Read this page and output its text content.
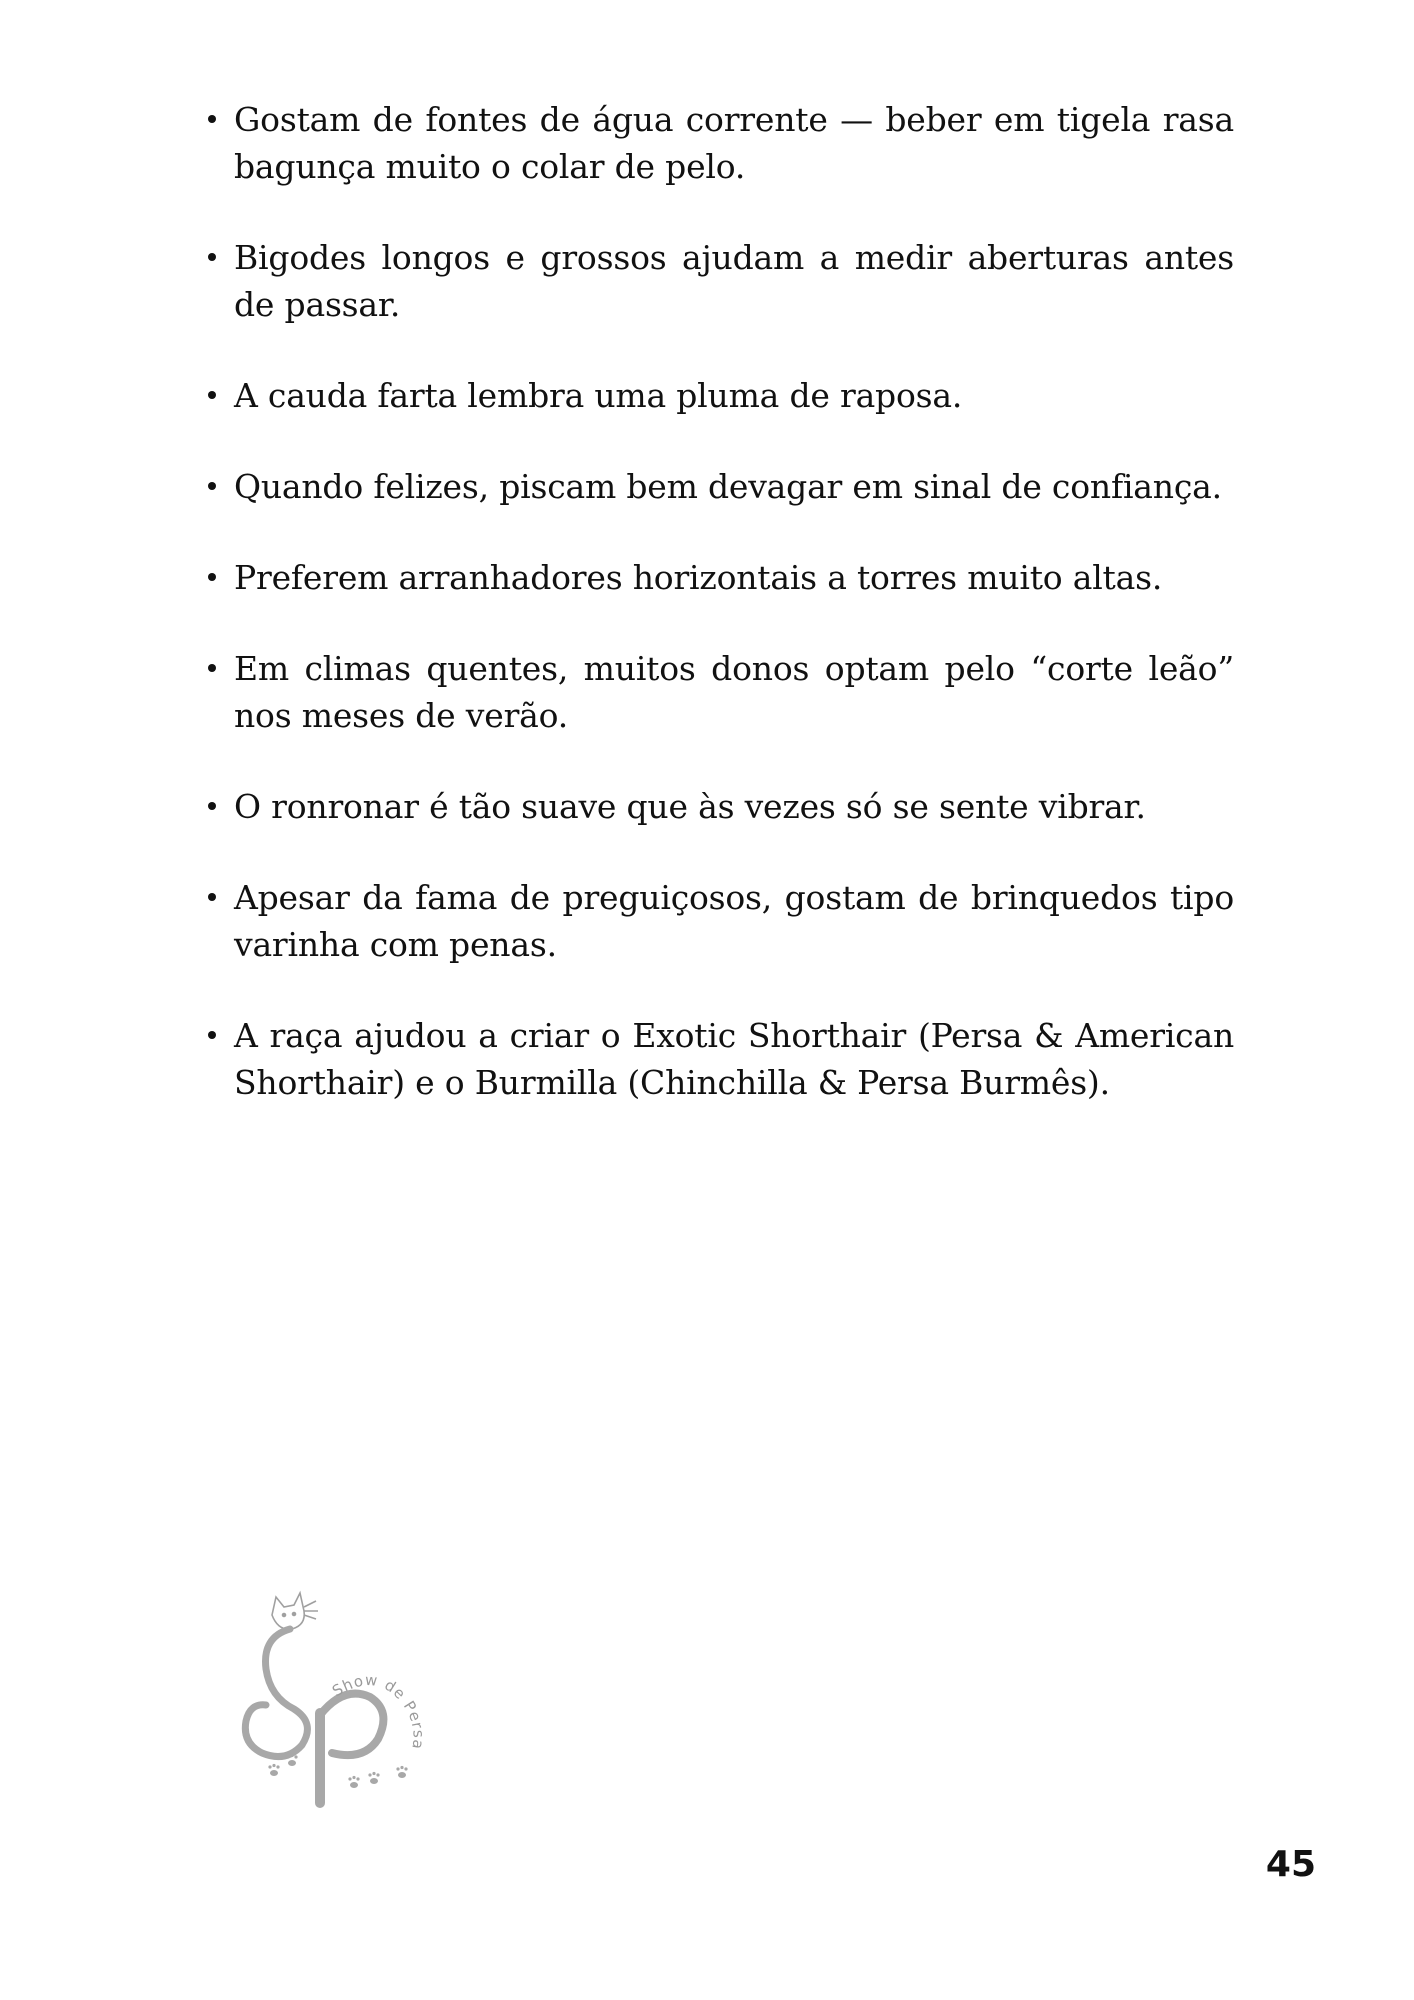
Gostam de fontes de água corrente — beber em tigela rasa bagunça muito o colar de pelo.
Bigodes longos e grossos ajudam a medir aberturas antes de passar.
A cauda farta lembra uma pluma de raposa.
Quando felizes, piscam bem devagar em sinal de confiança.
Preferem arranhadores horizontais a torres muito altas.
Em climas quentes, muitos donos optam pelo “corte leão” nos meses de verão.
O ronronar é tão suave que às vezes só se sente vibrar.
Apesar da fama de preguiçosos, gostam de brinquedos tipo varinha com penas.
A raça ajudou a criar o Exotic Shorthair (Persa & American Shorthair) e o Burmilla (Chinchilla & Persa Burmês).
Show de Persa
45
